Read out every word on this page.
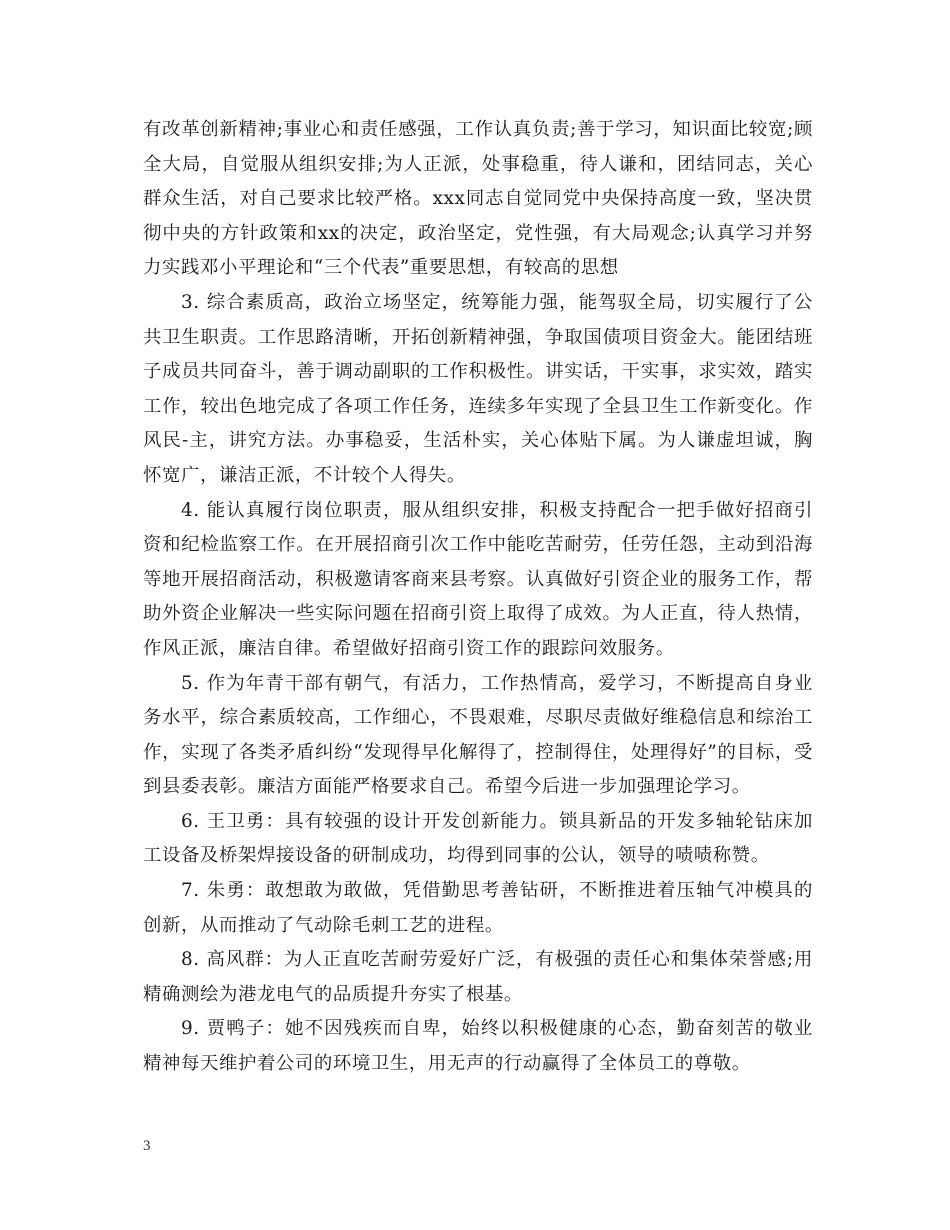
有改革创新精神;事业心和责任感强，工作认真负责;善于学习，知识面比较宽;顾全大局，自觉服从组织安排;为人正派，处事稳重，待人谦和，团结同志，关心群众生活，对自己要求比较严格。xxx同志自觉同党中央保持高度一致，坚决贯彻中央的方针政策和xx的决定，政治坚定，党性强，有大局观念;认真学习并努力实践邓小平理论和“三个代表”重要思想，有较高的思想

3. 综合素质高，政治立场坚定，统筹能力强，能驾驭全局，切实履行了公共卫生职责。工作思路清晰，开拓创新精神强，争取国债项目资金大。能团结班子成员共同奋斗，善于调动副职的工作积极性。讲实话，干实事，求实效，踏实工作，较出色地完成了各项工作任务，连续多年实现了全县卫生工作新变化。作风民-主，讲究方法。办事稳妥，生活朴实，关心体贴下属。为人谦虚坦诚，胸怀宽广，谦洁正派，不计较个人得失。

4. 能认真履行岗位职责，服从组织安排，积极支持配合一把手做好招商引资和纪检监察工作。在开展招商引次工作中能吃苦耐劳，任劳任怨，主动到沿海等地开展招商活动，积极邀请客商来县考察。认真做好引资企业的服务工作，帮助外资企业解决一些实际问题在招商引资上取得了成效。为人正直，待人热情，作风正派，廉洁自律。希望做好招商引资工作的跟踪问效服务。

5. 作为年青干部有朝气，有活力，工作热情高，爱学习，不断提高自身业务水平，综合素质较高，工作细心，不畏艰难，尽职尽责做好维稳信息和综治工作，实现了各类矛盾纠纷“发现得早化解得了，控制得住，处理得好”的目标，受到县委表彰。廉洁方面能严格要求自己。希望今后进一步加强理论学习。

6. 王卫勇：具有较强的设计开发创新能力。锁具新品的开发多轴轮钻床加工设备及桥架焊接设备的研制成功，均得到同事的公认，领导的啧啧称赞。

7. 朱勇：敢想敢为敢做，凭借勤思考善钻研，不断推进着压轴气冲模具的创新，从而推动了气动除毛刺工艺的进程。

8. 高风群：为人正直吃苦耐劳爱好广泛，有极强的责任心和集体荣誉感;用精确测绘为港龙电气的品质提升夯实了根基。

9. 贾鸭子：她不因残疾而自卑，始终以积极健康的心态，勤奋刻苦的敬业精神每天维护着公司的环境卫生，用无声的行动赢得了全体员工的尊敬。

3
